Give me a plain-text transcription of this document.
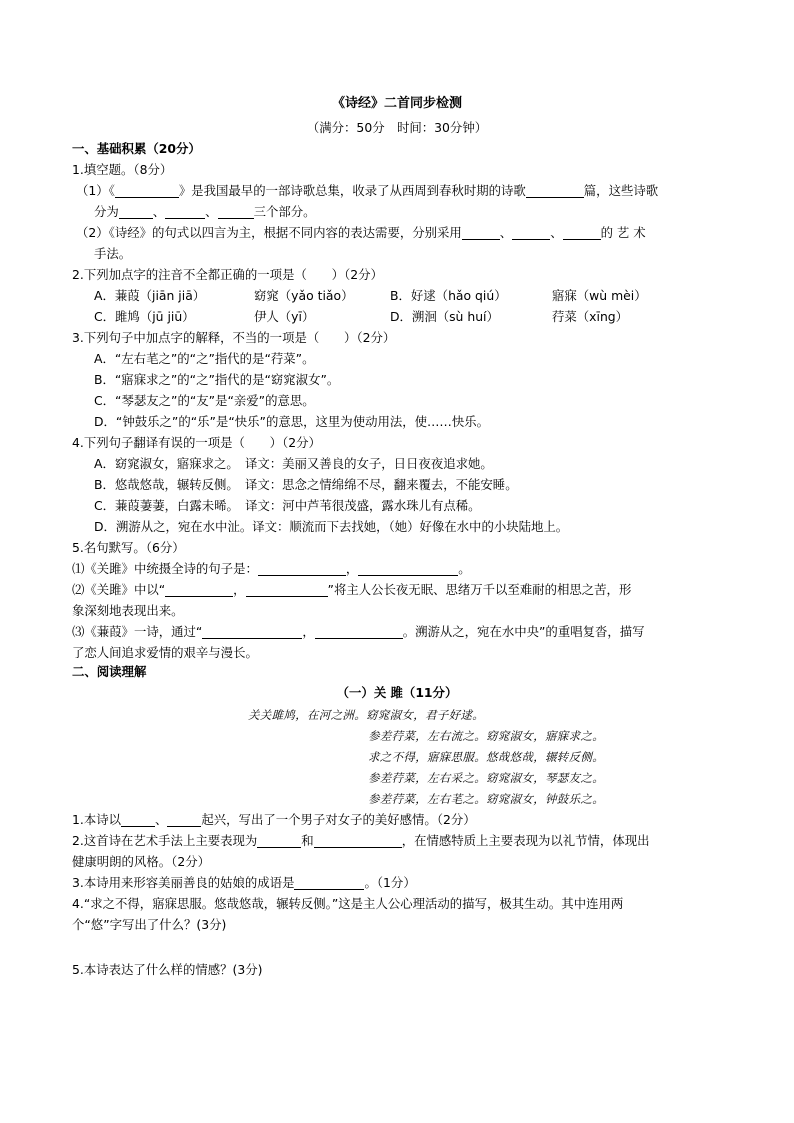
《诗经》二首同步检测
（满分：50分　时间：30分钟）
一、基础积累（20分）
1.填空题。（8分）
（1）《	》是我国最早的一部诗歌总集，收录了从西周到春秋时期的诗歌	篇，这些诗歌
分为	、	、	三个部分。
（2）《诗经》的句式以四言为主，根据不同内容的表达需要，分别采用	、	、	的 艺 术
手法。
2.下列加点字的注音不全都正确的一项是（　　）（2分）
A．蒹葭（jiān jiā）	窈窕（yǎo tiǎo）	B．好逑（hǎo qiú）	寤寐（wù mèi）
C．雎鸠（jū jiū）	伊人（yī）	D．溯洄（sù huí）	荇菜（xīng）
3.下列句子中加点字的解释，不当的一项是（　　）（2分）
A．“左右芼之”的“之”指代的是“荇菜”。
B．“寤寐求之”的“之”指代的是“窈窕淑女”。
C．“琴瑟友之”的“友”是“亲爱”的意思。
D．“钟鼓乐之”的“乐”是“快乐”的意思，这里为使动用法，使……快乐。
4.下列句子翻译有误的一项是（　　）（2分）
A．窈窕淑女，寤寐求之。　译文：美丽又善良的女子，日日夜夜追求她。
B．悠哉悠哉，辗转反侧。　译文：思念之情绵绵不尽，翻来覆去，不能安睡。
C．蒹葭萋萋，白露未晞。　译文：河中芦苇很茂盛，露水珠儿有点稀。
D．溯游从之，宛在水中沚。译文：顺流而下去找她，（她）好像在水中的小块陆地上。
5.名句默写。（6分）
⑴《关雎》中统摄全诗的句子是：	，	。
⑵《关雎》中以“	，	”将主人公长夜无眠、思绪万千以至难耐的相思之苦，形
象深刻地表现出来。
⑶《蒹葭》一诗，通过“	，	。溯游从之，宛在水中央”的重唱复沓，描写
了恋人间追求爱情的艰辛与漫长。
二、阅读理解
（一）关 雎（11分）
关关雎鸠，在河之洲。窈窕淑女，君子好逑。
参差荇菜，左右流之。窈窕淑女，寤寐求之。
求之不得，寤寐思服。悠哉悠哉，辗转反侧。
参差荇菜，左右采之。窈窕淑女，琴瑟友之。
参差荇菜，左右芼之。窈窕淑女，钟鼓乐之。
1.本诗以	、	起兴，写出了一个男子对女子的美好感情。（2分）
2.这首诗在艺术手法上主要表现为	和	，在情感特质上主要表现为以礼节情，体现出
健康明朗的风格。（2分）
3.本诗用来形容美丽善良的姑娘的成语是	。（1分）
4.“求之不得，寤寐思服。悠哉悠哉，辗转反侧。”这是主人公心理活动的描写，极其生动。其中连用两
个“悠”字写出了什么？(3分)
5.本诗表达了什么样的情感？(3分)
